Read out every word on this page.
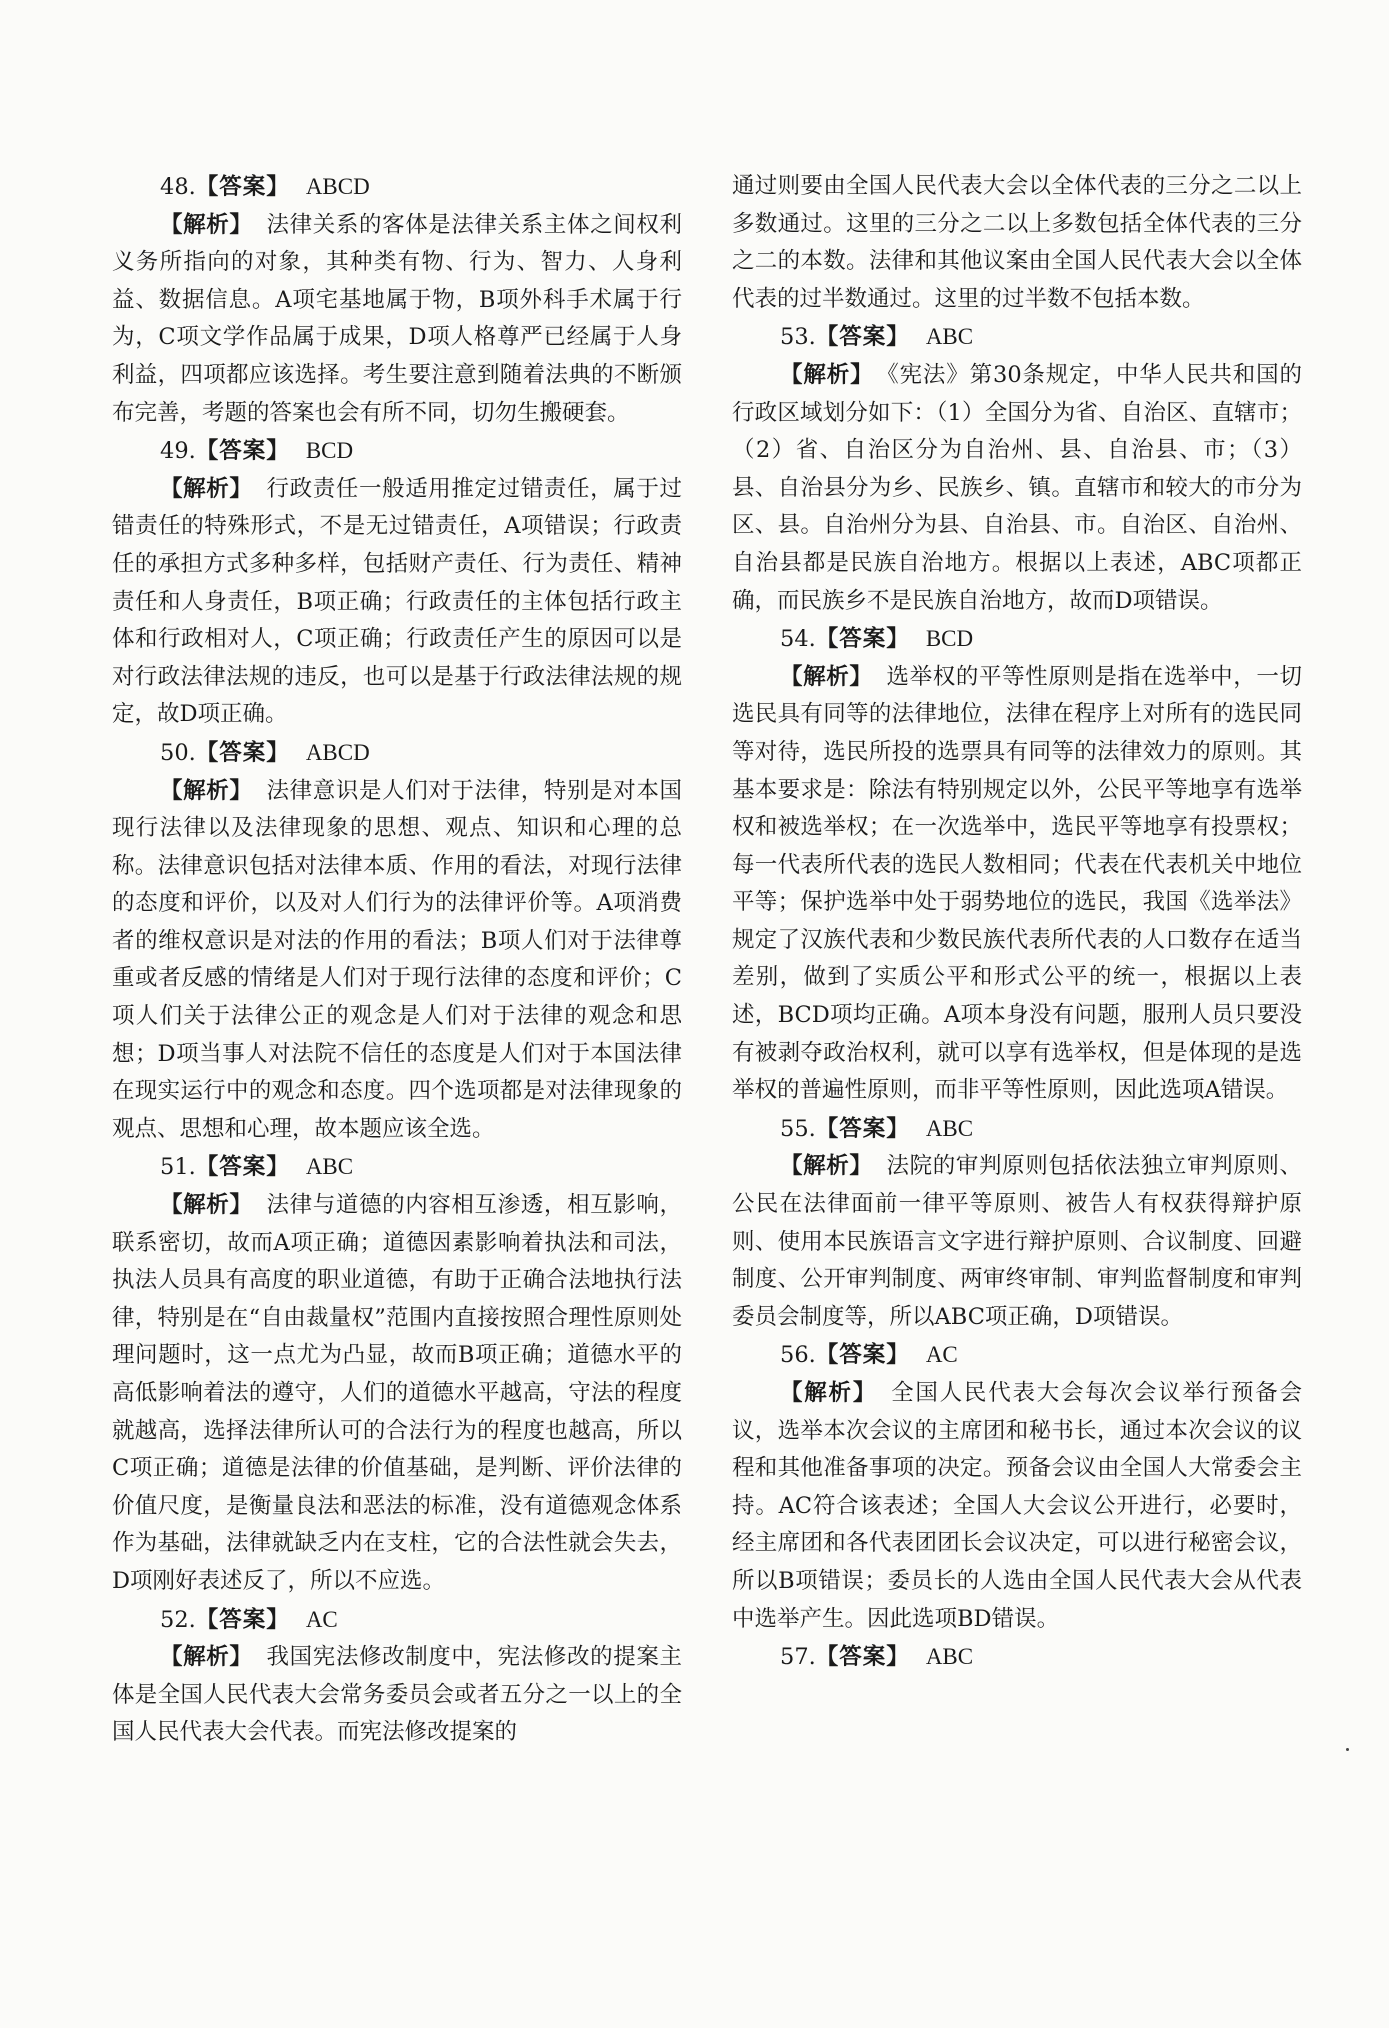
48.【答案】 ABCD

【解析】 法律关系的客体是法律关系主体之间权利义务所指向的对象，其种类有物、行为、智力、人身利益、数据信息。A项宅基地属于物，B项外科手术属于行为，C项文学作品属于成果，D项人格尊严已经属于人身利益，四项都应该选择。考生要注意到随着法典的不断颁布完善，考题的答案也会有所不同，切勿生搬硬套。

49.【答案】 BCD

【解析】 行政责任一般适用推定过错责任，属于过错责任的特殊形式，不是无过错责任，A项错误；行政责任的承担方式多种多样，包括财产责任、行为责任、精神责任和人身责任，B项正确；行政责任的主体包括行政主体和行政相对人，C项正确；行政责任产生的原因可以是对行政法律法规的违反，也可以是基于行政法律法规的规定，故D项正确。

50.【答案】 ABCD

【解析】 法律意识是人们对于法律，特别是对本国现行法律以及法律现象的思想、观点、知识和心理的总称。法律意识包括对法律本质、作用的看法，对现行法律的态度和评价，以及对人们行为的法律评价等。A项消费者的维权意识是对法的作用的看法；B项人们对于法律尊重或者反感的情绪是人们对于现行法律的态度和评价；C项人们关于法律公正的观念是人们对于法律的观念和思想；D项当事人对法院不信任的态度是人们对于本国法律在现实运行中的观念和态度。四个选项都是对法律现象的观点、思想和心理，故本题应该全选。

51.【答案】 ABC

【解析】 法律与道德的内容相互渗透，相互影响，联系密切，故而A项正确；道德因素影响着执法和司法，执法人员具有高度的职业道德，有助于正确合法地执行法律，特别是在“自由裁量权”范围内直接按照合理性原则处理问题时，这一点尤为凸显，故而B项正确；道德水平的高低影响着法的遵守，人们的道德水平越高，守法的程度就越高，选择法律所认可的合法行为的程度也越高，所以C项正确；道德是法律的价值基础，是判断、评价法律的价值尺度，是衡量良法和恶法的标准，没有道德观念体系作为基础，法律就缺乏内在支柱，它的合法性就会失去，D项刚好表述反了，所以不应选。

52.【答案】 AC

【解析】 我国宪法修改制度中，宪法修改的提案主体是全国人民代表大会常务委员会或者五分之一以上的全国人民代表大会代表。而宪法修改提案的

通过则要由全国人民代表大会以全体代表的三分之二以上多数通过。这里的三分之二以上多数包括全体代表的三分之二的本数。法律和其他议案由全国人民代表大会以全体代表的过半数通过。这里的过半数不包括本数。

53.【答案】 ABC

【解析】 《宪法》第30条规定，中华人民共和国的行政区域划分如下：（1）全国分为省、自治区、直辖市；（2）省、自治区分为自治州、县、自治县、市；（3）县、自治县分为乡、民族乡、镇。直辖市和较大的市分为区、县。自治州分为县、自治县、市。自治区、自治州、自治县都是民族自治地方。根据以上表述，ABC项都正确，而民族乡不是民族自治地方，故而D项错误。

54.【答案】 BCD

【解析】 选举权的平等性原则是指在选举中，一切选民具有同等的法律地位，法律在程序上对所有的选民同等对待，选民所投的选票具有同等的法律效力的原则。其基本要求是：除法有特别规定以外，公民平等地享有选举权和被选举权；在一次选举中，选民平等地享有投票权；每一代表所代表的选民人数相同；代表在代表机关中地位平等；保护选举中处于弱势地位的选民，我国《选举法》规定了汉族代表和少数民族代表所代表的人口数存在适当差别，做到了实质公平和形式公平的统一，根据以上表述，BCD项均正确。A项本身没有问题，服刑人员只要没有被剥夺政治权利，就可以享有选举权，但是体现的是选举权的普遍性原则，而非平等性原则，因此选项A错误。

55.【答案】 ABC

【解析】 法院的审判原则包括依法独立审判原则、公民在法律面前一律平等原则、被告人有权获得辩护原则、使用本民族语言文字进行辩护原则、合议制度、回避制度、公开审判制度、两审终审制、审判监督制度和审判委员会制度等，所以ABC项正确，D项错误。

56.【答案】 AC

【解析】 全国人民代表大会每次会议举行预备会议，选举本次会议的主席团和秘书长，通过本次会议的议程和其他准备事项的决定。预备会议由全国人大常委会主持。AC符合该表述；全国人大会议公开进行，必要时，经主席团和各代表团团长会议决定，可以进行秘密会议，所以B项错误；委员长的人选由全国人民代表大会从代表中选举产生。因此选项BD错误。

57.【答案】 ABC
